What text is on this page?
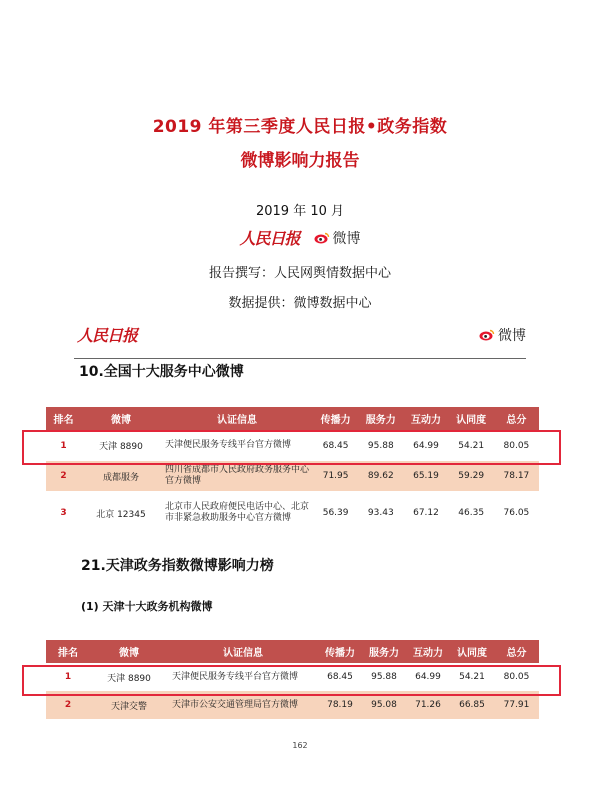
2019 年第三季度人民日报•政务指数
微博影响力报告
2019 年 10 月
人民日报 微博
报告撰写：人民网舆情数据中心
数据提供：微博数据中心
人民日报	微博
10.全国十大服务中心微博
排名	微博	认证信息	传播力	服务力	互动力	认同度	总分
1	天津 8890	天津便民服务专线平台官方微博	68.45	95.88	64.99	54.21	80.05
2	成都服务	四川省成都市人民政府政务服务中心官方微博	71.95	89.62	65.19	59.29	78.17
3	北京 12345	北京市人民政府便民电话中心、北京市非紧急救助服务中心官方微博	56.39	93.43	67.12	46.35	76.05
21.天津政务指数微博影响力榜
(1) 天津十大政务机构微博
排名	微博	认证信息	传播力	服务力	互动力	认同度	总分
1	天津 8890	天津便民服务专线平台官方微博	68.45	95.88	64.99	54.21	80.05
2	天津交警	天津市公安交通管理局官方微博	78.19	95.08	71.26	66.85	77.91
162
